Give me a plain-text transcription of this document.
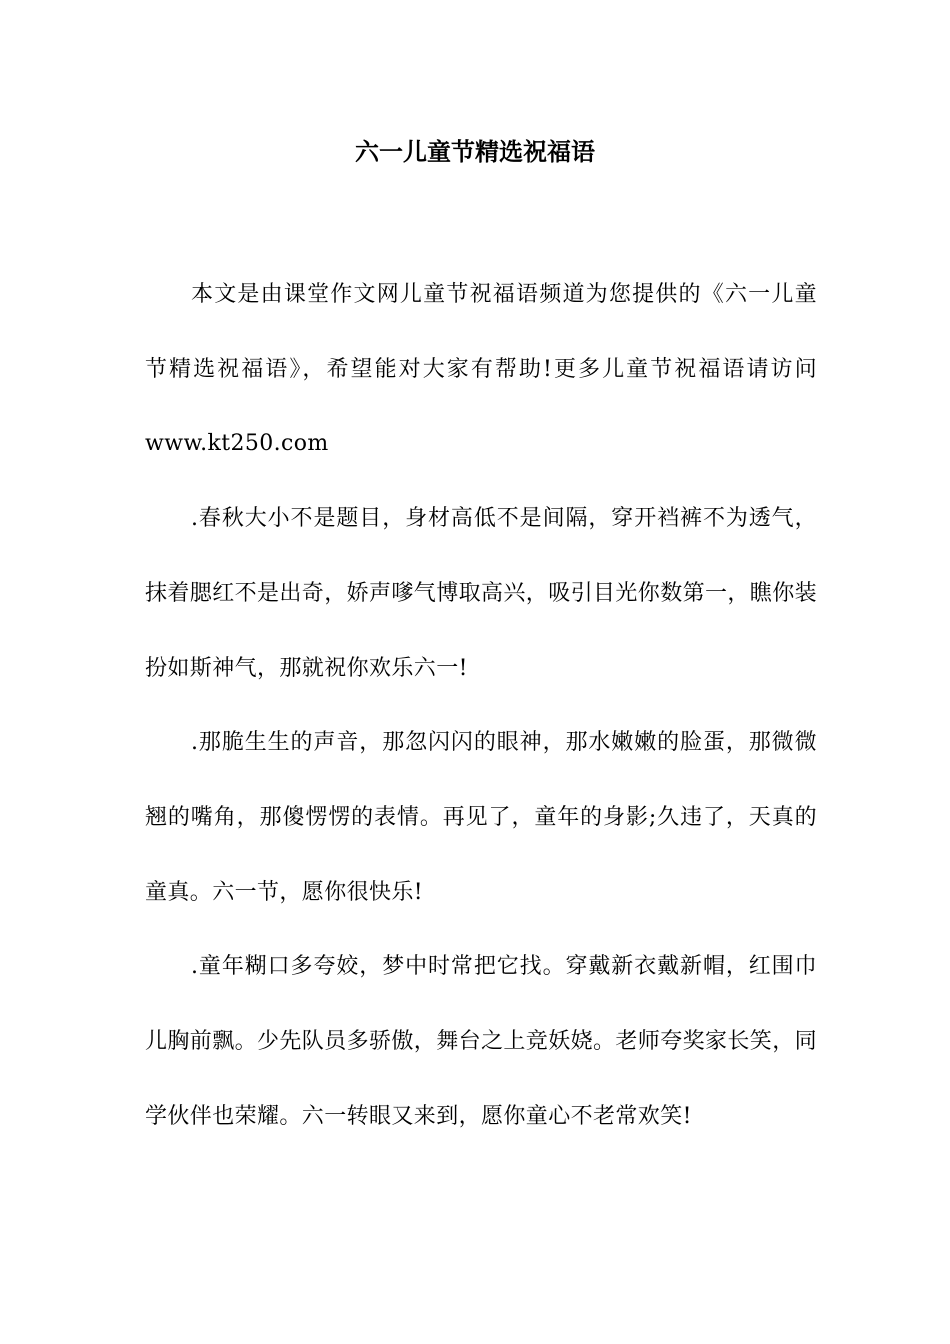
六一儿童节精选祝福语

本文是由课堂作文网儿童节祝福语频道为您提供的《六一儿童节精选祝福语》，希望能对大家有帮助!更多儿童节祝福语请访问www.kt250.com

.春秋大小不是题目，身材高低不是间隔，穿开裆裤不为透气，抹着腮红不是出奇，娇声嗲气博取高兴，吸引目光你数第一，瞧你装扮如斯神气，那就祝你欢乐六一!

.那脆生生的声音，那忽闪闪的眼神，那水嫩嫩的脸蛋，那微微翘的嘴角，那傻愣愣的表情。再见了，童年的身影;久违了，天真的童真。六一节，愿你很快乐!

.童年糊口多夸姣，梦中时常把它找。穿戴新衣戴新帽，红围巾儿胸前飘。少先队员多骄傲，舞台之上竞妖娆。老师夸奖家长笑，同学伙伴也荣耀。六一转眼又来到，愿你童心不老常欢笑!
